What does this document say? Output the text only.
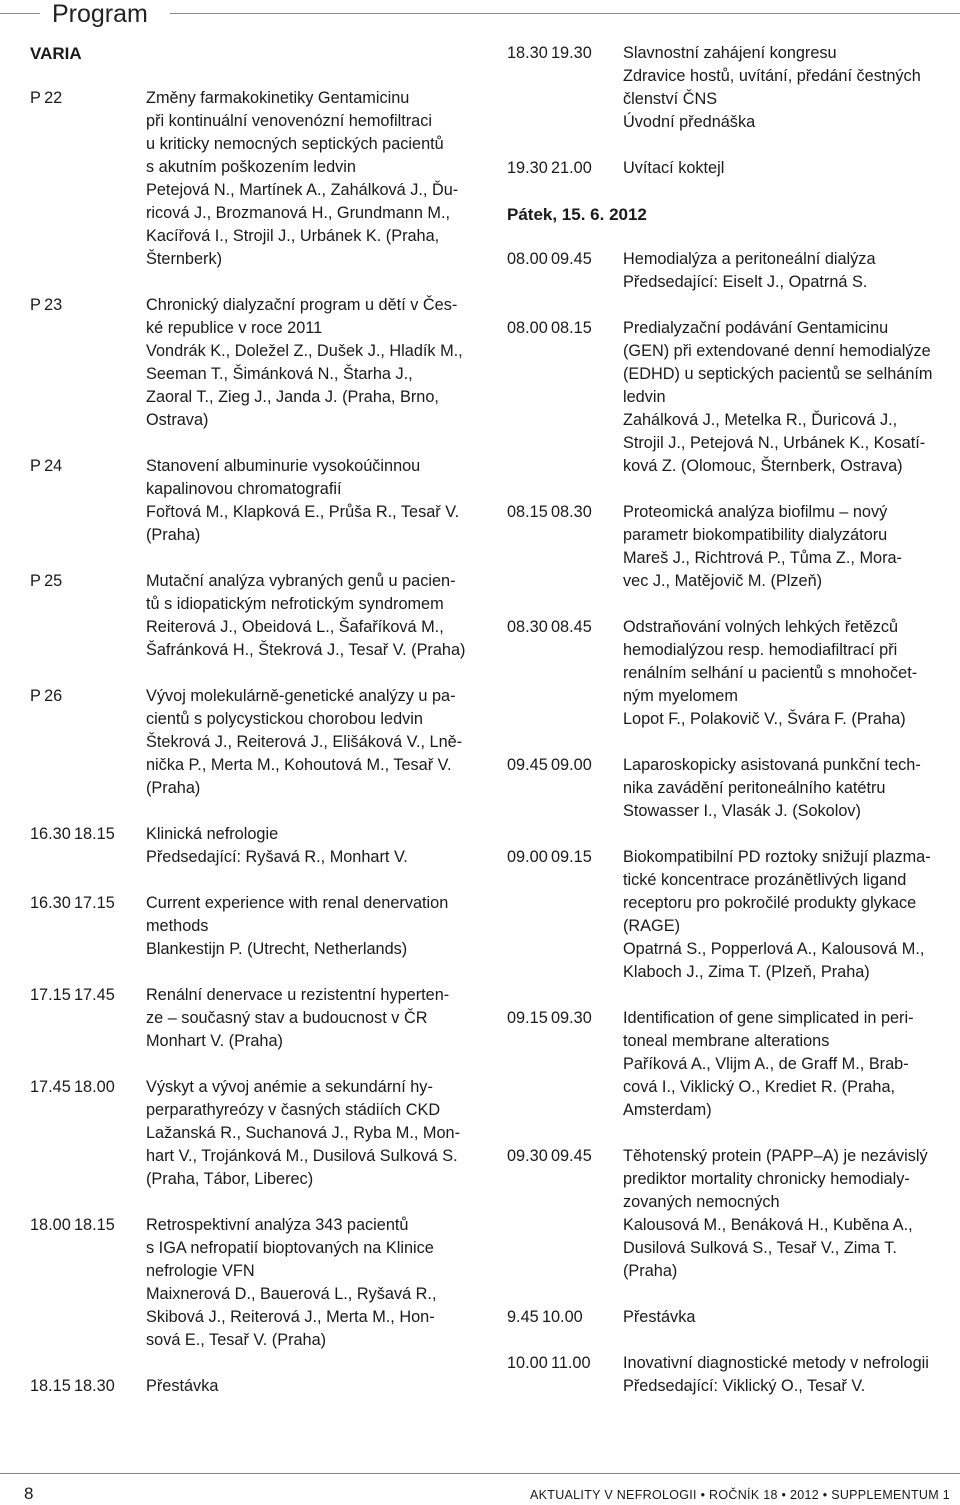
Program
VARIA
P 22	Změny farmakokinetiky Gentamicinu
při kontinuální venovenózní hemofiltraci
u kriticky nemocných septických pacientů
s akutním poškozením ledvin
Petejová N., Martínek A., Zahálková J., Ďu-
ricová J., Brozmanová H., Grundmann M.,
Kacířová I., Strojil J., Urbánek K. (Praha,
Šternberk)
P 23	Chronický dialyzační program u dětí v Čes-
ké republice v roce 2011
Vondrák K., Doležel Z., Dušek J., Hladík M.,
Seeman T., Šimánková N., Štarha J.,
Zaoral T., Zieg J., Janda J. (Praha, Brno,
Ostrava)
P 24	Stanovení albuminurie vysokoúčinnou
kapalinovou chromatografií
Fořtová M., Klapková E., Průša R., Tesař V.
(Praha)
P 25	Mutační analýza vybraných genů u pacien-
tů s idiopatickým nefrotickým syndromem
Reiterová J., Obeidová L., Šafaříková M.,
Šafránková H., Štekrová J., Tesař V. (Praha)
P 26	Vývoj molekulárně-genetické analýzy u pa-
cientů s polycystickou chorobou ledvin
Štekrová J., Reiterová J., Elišáková V., Lně-
nička P., Merta M., Kohoutová M., Tesař V.
(Praha)
16.30 18.15	Klinická nefrologie
Předsedající: Ryšavá R., Monhart V.
16.30 17.15	Current experience with renal denervation
methods
Blankestijn P. (Utrecht, Netherlands)
17.15 17.45	Renální denervace u rezistentní hyperten-
ze – současný stav a budoucnost v ČR
Monhart V. (Praha)
17.45 18.00	Výskyt a vývoj anémie a sekundární hy-
perparathyreózy v časných stádiích CKD
Lažanská R., Suchanová J., Ryba M., Mon-
hart V., Trojánková M., Dusilová Sulková S.
(Praha, Tábor, Liberec)
18.00 18.15	Retrospektivní analýza 343 pacientů
s IGA nefropatií bioptovaných na Klinice
nefrologie VFN
Maixnerová D., Bauerová L., Ryšavá R.,
Skibová J., Reiterová J., Merta M., Hon-
sová E., Tesař V. (Praha)
18.15 18.30	Přestávka
18.30 19.30	Slavnostní zahájení kongresu
Zdravice hostů, uvítání, předání čestných
členství ČNS
Úvodní přednáška
19.30 21.00	Uvítací koktejl
Pátek, 15. 6. 2012
08.00 09.45	Hemodialýza a peritoneální dialýza
Předsedající: Eiselt J., Opatrná S.
08.00 08.15	Predialyzační podávání Gentamicinu
(GEN) při extendované denní hemodialýze
(EDHD) u septických pacientů se selháním
ledvin
Zahálková J., Metelka R., Ďuricová J.,
Strojil J., Petejová N., Urbánek K., Kosatí-
ková Z. (Olomouc, Šternberk, Ostrava)
08.15 08.30	Proteomická analýza biofilmu – nový
parametr biokompatibility dialyzátoru
Mareš J., Richtrová P., Tůma Z., Mora-
vec J., Matějovič M. (Plzeň)
08.30 08.45	Odstraňování volných lehkých řetězců
hemodialýzou resp. hemodiafiltrací při
renálním selhání u pacientů s mnohočet-
ným myelomem
Lopot F., Polakovič V., Švára F. (Praha)
09.45 09.00	Laparoskopicky asistovaná punkční tech-
nika zavádění peritoneálního katétru
Stowasser I., Vlasák J. (Sokolov)
09.00 09.15	Biokompatibilní PD roztoky snižují plazma-
tické koncentrace prozánětlivých ligand
receptoru pro pokročilé produkty glykace
(RAGE)
Opatrná S., Popperlová A., Kalousová M.,
Klaboch J., Zima T. (Plzeň, Praha)
09.15 09.30	Identification of gene simplicated in peri-
toneal membrane alterations
Paříková A., Vlijm A., de Graff M., Brab-
cová I., Viklický O., Krediet R. (Praha,
Amsterdam)
09.30 09.45	Těhotenský protein (PAPP–A) je nezávislý
prediktor mortality chronicky hemodialy-
zovaných nemocných
Kalousová M., Benáková H., Kuběna A.,
Dusilová Sulková S., Tesař V., Zima T.
(Praha)
9.45 10.00	Přestávka
10.00 11.00	Inovativní diagnostické metody v nefrologii
Předsedající: Viklický O., Tesař V.
8	AKTUALITY V NEFROLOGII • ROČNÍK 18 • 2012 • SUPPLEMENTUM 1
